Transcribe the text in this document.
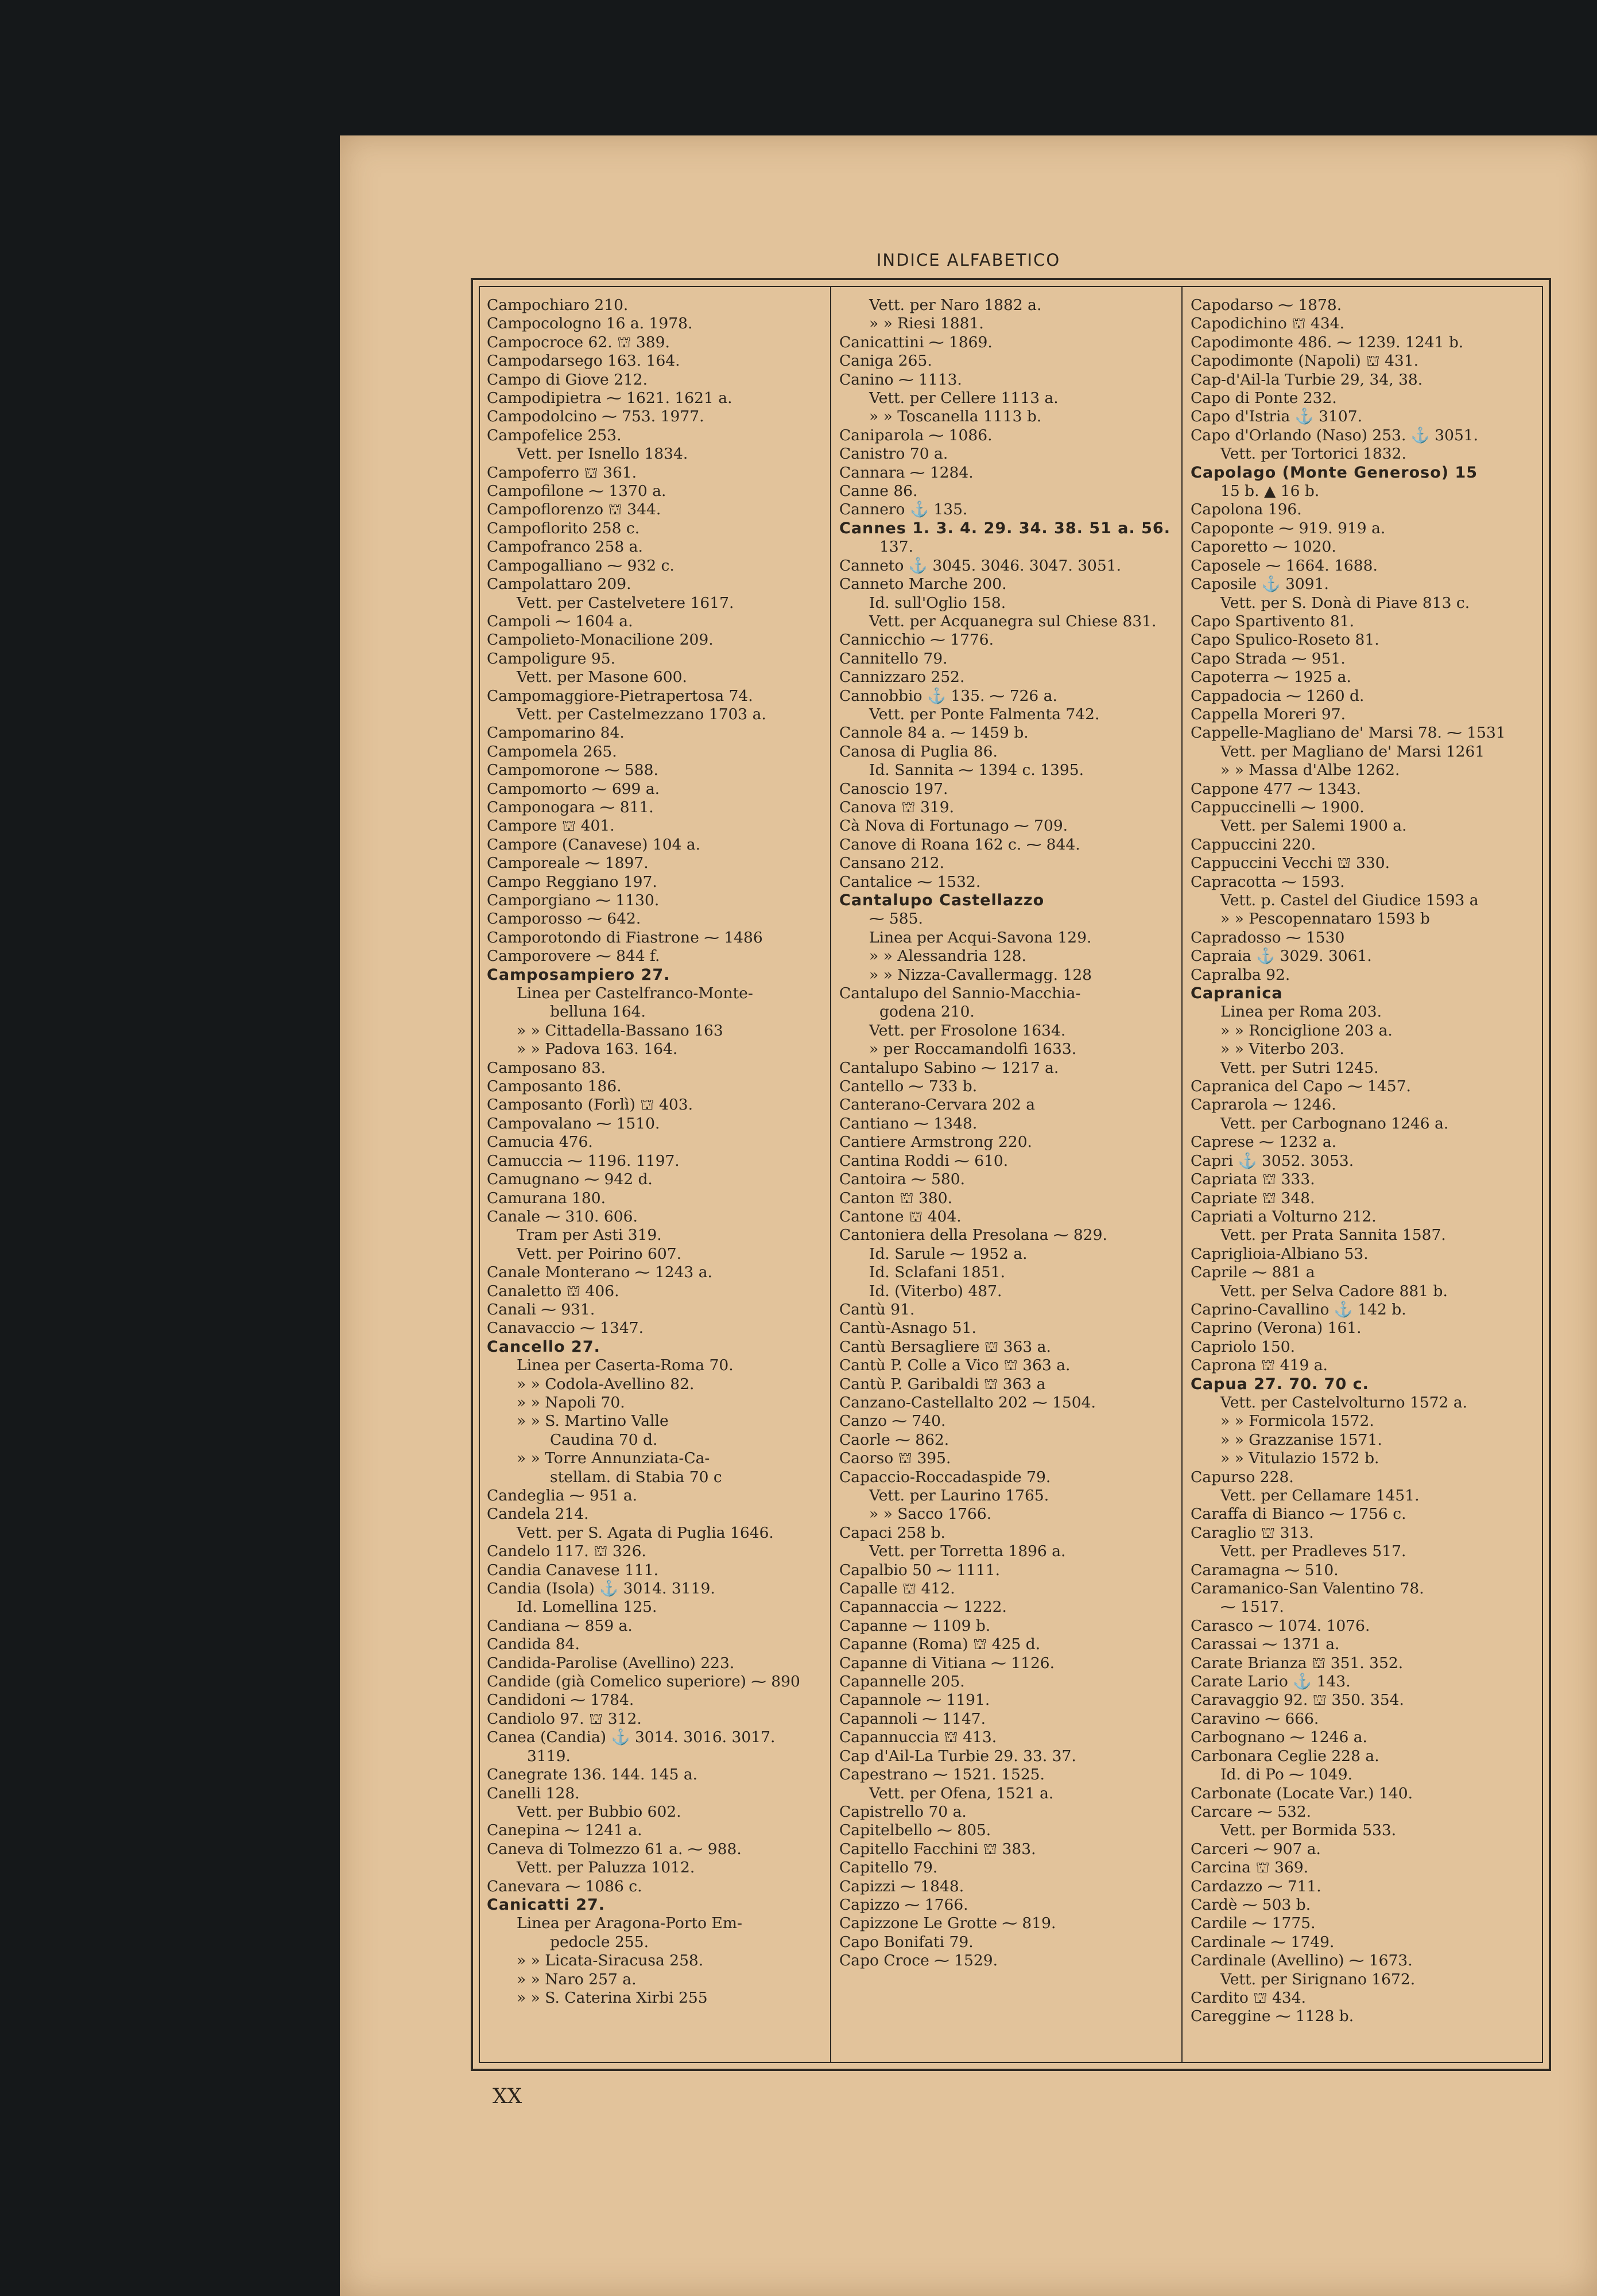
INDICE ALFABETICO
Campochiaro 210.
Campocolognо 16 a. 1978.
Campocroce 62. ⛫ 389.
Campodarsego 163. 164.
Campo di Giove 212.
Campodipietra ⁓ 1621. 1621 a.
Campodolcino ⁓ 753. 1977.
Campofelice 253.
Vett. per Isnello 1834.
Campoferro ⛫ 361.
Campofilone ⁓ 1370 a.
Campoflorenzo ⛫ 344.
Campoflorito 258 c.
Campofranco 258 a.
Campogalliano ⁓ 932 c.
Campolattaro 209.
Vett. per Castelvetere 1617.
Campoli ⁓ 1604 a.
Campolieto-Monacilione 209.
Campoligure 95.
Vett. per Masone 600.
Campomaggiore-Pietrapertosa 74.
Vett. per Castelmezzano 1703 a.
Campomarino 84.
Campomela 265.
Campomorone ⁓ 588.
Campomorto ⁓ 699 a.
Camponogara ⁓ 811.
Campore ⛫ 401.
Campore (Canavese) 104 a.
Camporeale ⁓ 1897.
Campo Reggiano 197.
Camporgiano ⁓ 1130.
Camporosso ⁓ 642.
Camporotondo di Fiastrone ⁓ 1486
Camporovere ⁓ 844 f.
Camposampiero 27.
Linea per Castelfranco-Monte-
belluna 164.
» » Cittadella-Bassano 163
» » Padova 163. 164.
Camposano 83.
Camposanto 186.
Camposanto (Forlì) ⛫ 403.
Campovalano ⁓ 1510.
Camucia 476.
Camuccia ⁓ 1196. 1197.
Camugnano ⁓ 942 d.
Camurana 180.
Canale ⁓ 310. 606.
Tram per Asti 319.
Vett. per Poirino 607.
Canale Monterano ⁓ 1243 a.
Canaletto ⛫ 406.
Canali ⁓ 931.
Canavaccio ⁓ 1347.
Cancello 27.
Linea per Caserta-Roma 70.
» » Codola-Avellino 82.
» » Napoli 70.
» » S. Martino Valle
Caudina 70 d.
» » Torre Annunziata-Ca-
stellam. di Stabia 70 c
Candeglia ⁓ 951 a.
Candela 214.
Vett. per S. Agata di Puglia 1646.
Candelo 117. ⛫ 326.
Candia Canavese 111.
Candia (Isola) ⚓ 3014. 3119.
Id. Lomellina 125.
Candiana ⁓ 859 a.
Candida 84.
Candida-Parolise (Avellino) 223.
Candide (già Comelico superiore) ⁓ 890
Candidoni ⁓ 1784.
Candiolo 97. ⛫ 312.
Canea (Candia) ⚓ 3014. 3016. 3017.
3119.
Canegrate 136. 144. 145 a.
Canelli 128.
Vett. per Bubbio 602.
Canepina ⁓ 1241 a.
Caneva di Tolmezzo 61 a. ⁓ 988.
Vett. per Paluzza 1012.
Canevara ⁓ 1086 c.
Canicatti 27.
Linea per Aragona-Porto Em-
pedocle 255.
» » Licata-Siracusa 258.
» » Naro 257 a.
» » S. Caterina Xirbi 255
Vett. per Naro 1882 a.
» » Riesi 1881.
Canicattini ⁓ 1869.
Caniga 265.
Canino ⁓ 1113.
Vett. per Cellere 1113 a.
» » Toscanella 1113 b.
Caniparola ⁓ 1086.
Canistro 70 a.
Cannara ⁓ 1284.
Canne 86.
Cannero ⚓ 135.
Cannes 1. 3. 4. 29. 34. 38. 51 a. 56.
137.
Canneto ⚓ 3045. 3046. 3047. 3051.
Canneto Marche 200.
Id. sull'Oglio 158.
Vett. per Acquanegra sul Chiese 831.
Cannicchio ⁓ 1776.
Cannitello 79.
Cannizzaro 252.
Cannobbio ⚓ 135. ⁓ 726 a.
Vett. per Ponte Falmenta 742.
Cannole 84 a. ⁓ 1459 b.
Canosa di Puglia 86.
Id. Sannita ⁓ 1394 c. 1395.
Canoscio 197.
Canova ⛫ 319.
Cà Nova di Fortunago ⁓ 709.
Canove di Roana 162 c. ⁓ 844.
Cansano 212.
Cantalice ⁓ 1532.
Cantalupo Castellazzo
⁓ 585.
Linea per Acqui-Savona 129.
» » Alessandria 128.
» » Nizza-Cavallermagg. 128
Cantalupo del Sannio-Macchia-
godena 210.
Vett. per Frosolone 1634.
» per Roccamandolfi 1633.
Cantalupo Sabino ⁓ 1217 a.
Cantello ⁓ 733 b.
Canterano-Cervara 202 a
Cantiano ⁓ 1348.
Cantiere Armstrong 220.
Cantina Roddi ⁓ 610.
Cantoira ⁓ 580.
Canton ⛫ 380.
Cantone ⛫ 404.
Cantoniera della Presolana ⁓ 829.
Id. Sarule ⁓ 1952 a.
Id. Sclafani 1851.
Id. (Viterbo) 487.
Cantù 91.
Cantù-Asnago 51.
Cantù Bersagliere ⛫ 363 a.
Cantù P. Colle a Vico ⛫ 363 a.
Cantù P. Garibaldi ⛫ 363 a
Canzano-Castellalto 202 ⁓ 1504.
Canzo ⁓ 740.
Caorle ⁓ 862.
Caorso ⛫ 395.
Capaccio-Roccadaspide 79.
Vett. per Laurino 1765.
» » Sacco 1766.
Capaci 258 b.
Vett. per Torretta 1896 a.
Capalbio 50 ⁓ 1111.
Capalle ⛫ 412.
Capannaccia ⁓ 1222.
Capanne ⁓ 1109 b.
Capanne (Roma) ⛫ 425 d.
Capanne di Vitiana ⁓ 1126.
Capannelle 205.
Capannole ⁓ 1191.
Capannoli ⁓ 1147.
Capannuccia ⛫ 413.
Cap d'Ail-La Turbie 29. 33. 37.
Capestrano ⁓ 1521. 1525.
Vett. per Ofena, 1521 a.
Capistrello 70 a.
Capitelbello ⁓ 805.
Capitello Facchini ⛫ 383.
Capitello 79.
Capizzi ⁓ 1848.
Capizzo ⁓ 1766.
Capizzone Le Grotte ⁓ 819.
Capo Bonifati 79.
Capo Croce ⁓ 1529.
Capodarso ⁓ 1878.
Capodichino ⛫ 434.
Capodimonte 486. ⁓ 1239. 1241 b.
Capodimonte (Napoli) ⛫ 431.
Cap-d'Ail-la Turbie 29, 34, 38.
Capo di Ponte 232.
Capo d'Istria ⚓ 3107.
Capo d'Orlando (Naso) 253. ⚓ 3051.
Vett. per Tortorici 1832.
Capolago (Monte Generoso) 15
15 b. ▲ 16 b.
Capolona 196.
Capoponte ⁓ 919. 919 a.
Caporetto ⁓ 1020.
Caposele ⁓ 1664. 1688.
Caposile ⚓ 3091.
Vett. per S. Donà di Piave 813 c.
Capo Spartivento 81.
Capo Spulico-Roseto 81.
Capo Strada ⁓ 951.
Capoterra ⁓ 1925 a.
Cappadocia ⁓ 1260 d.
Cappella Moreri 97.
Cappelle-Magliano de' Marsi 78. ⁓ 1531
Vett. per Magliano de' Marsi 1261
» » Massa d'Albe 1262.
Cappone 477 ⁓ 1343.
Cappuccinelli ⁓ 1900.
Vett. per Salemi 1900 a.
Cappuccini 220.
Cappuccini Vecchi ⛫ 330.
Capracotta ⁓ 1593.
Vett. p. Castel del Giudice 1593 a
» » Pescopennataro 1593 b
Capradosso ⁓ 1530
Capraia ⚓ 3029. 3061.
Capralba 92.
Capranica
Linea per Roma 203.
» » Ronciglione 203 a.
» » Viterbo 203.
Vett. per Sutri 1245.
Capranica del Capo ⁓ 1457.
Caprarola ⁓ 1246.
Vett. per Carbognano 1246 a.
Caprese ⁓ 1232 a.
Capri ⚓ 3052. 3053.
Capriata ⛫ 333.
Capriate ⛫ 348.
Capriati a Volturno 212.
Vett. per Prata Sannita 1587.
Capriglioia-Albiano 53.
Caprile ⁓ 881 a
Vett. per Selva Cadore 881 b.
Caprino-Cavallino ⚓ 142 b.
Caprino (Verona) 161.
Capriolo 150.
Caprona ⛫ 419 a.
Capua 27. 70. 70 c.
Vett. per Castelvolturno 1572 a.
» » Formicola 1572.
» » Grazzanise 1571.
» » Vitulazio 1572 b.
Capurso 228.
Vett. per Cellamare 1451.
Caraffa di Bianco ⁓ 1756 c.
Caraglio ⛫ 313.
Vett. per Pradleves 517.
Caramagna ⁓ 510.
Caramanico-San Valentino 78.
⁓ 1517.
Carasco ⁓ 1074. 1076.
Carassai ⁓ 1371 a.
Carate Brianza ⛫ 351. 352.
Carate Lario ⚓ 143.
Caravaggio 92. ⛫ 350. 354.
Caravino ⁓ 666.
Carbognano ⁓ 1246 a.
Carbonara Ceglie 228 a.
Id. di Po ⁓ 1049.
Carbonate (Locate Var.) 140.
Carcare ⁓ 532.
Vett. per Bormida 533.
Carceri ⁓ 907 a.
Carcina ⛫ 369.
Cardazzo ⁓ 711.
Cardè ⁓ 503 b.
Cardile ⁓ 1775.
Cardinale ⁓ 1749.
Cardinale (Avellino) ⁓ 1673.
Vett. per Sirignano 1672.
Cardito ⛫ 434.
Careggine ⁓ 1128 b.
XX
